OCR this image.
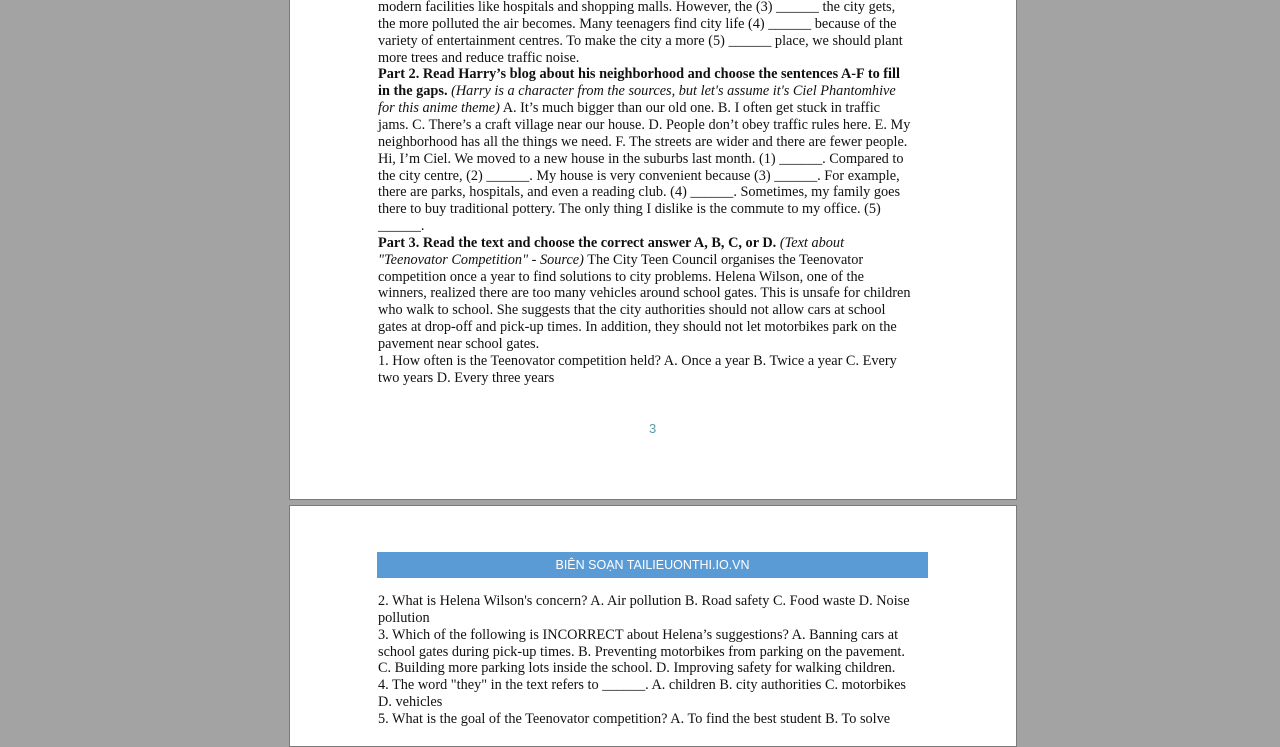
modern facilities like hospitals and shopping malls. However, the (3) ______ the city gets,
the more polluted the air becomes. Many teenagers find city life (4) ______ because of the
variety of entertainment centres. To make the city a more (5) ______ place, we should plant
more trees and reduce traffic noise.
Part 2. Read Harry’s blog about his neighborhood and choose the sentences A-F to fill
in the gaps. (Harry is a character from the sources, but let's assume it's Ciel Phantomhive
for this anime theme) A. It’s much bigger than our old one. B. I often get stuck in traffic
jams. C. There’s a craft village near our house. D. People don’t obey traffic rules here. E. My
neighborhood has all the things we need. F. The streets are wider and there are fewer people.
Hi, I’m Ciel. We moved to a new house in the suburbs last month. (1) ______. Compared to
the city centre, (2) ______. My house is very convenient because (3) ______. For example,
there are parks, hospitals, and even a reading club. (4) ______. Sometimes, my family goes
there to buy traditional pottery. The only thing I dislike is the commute to my office. (5)
______.
Part 3. Read the text and choose the correct answer A, B, C, or D. (Text about
"Teenovator Competition" - Source) The City Teen Council organises the Teenovator
competition once a year to find solutions to city problems. Helena Wilson, one of the
winners, realized there are too many vehicles around school gates. This is unsafe for children
who walk to school. She suggests that the city authorities should not allow cars at school
gates at drop-off and pick-up times. In addition, they should not let motorbikes park on the
pavement near school gates.
1. How often is the Teenovator competition held? A. Once a year B. Twice a year C. Every
two years D. Every three years
3
BIÊN SOẠN TAILIEUONTHI.IO.VN
2. What is Helena Wilson's concern? A. Air pollution B. Road safety C. Food waste D. Noise
pollution
3. Which of the following is INCORRECT about Helena’s suggestions? A. Banning cars at
school gates during pick-up times. B. Preventing motorbikes from parking on the pavement.
C. Building more parking lots inside the school. D. Improving safety for walking children.
4. The word "they" in the text refers to ______. A. children B. city authorities C. motorbikes
D. vehicles
5. What is the goal of the Teenovator competition? A. To find the best student B. To solve
